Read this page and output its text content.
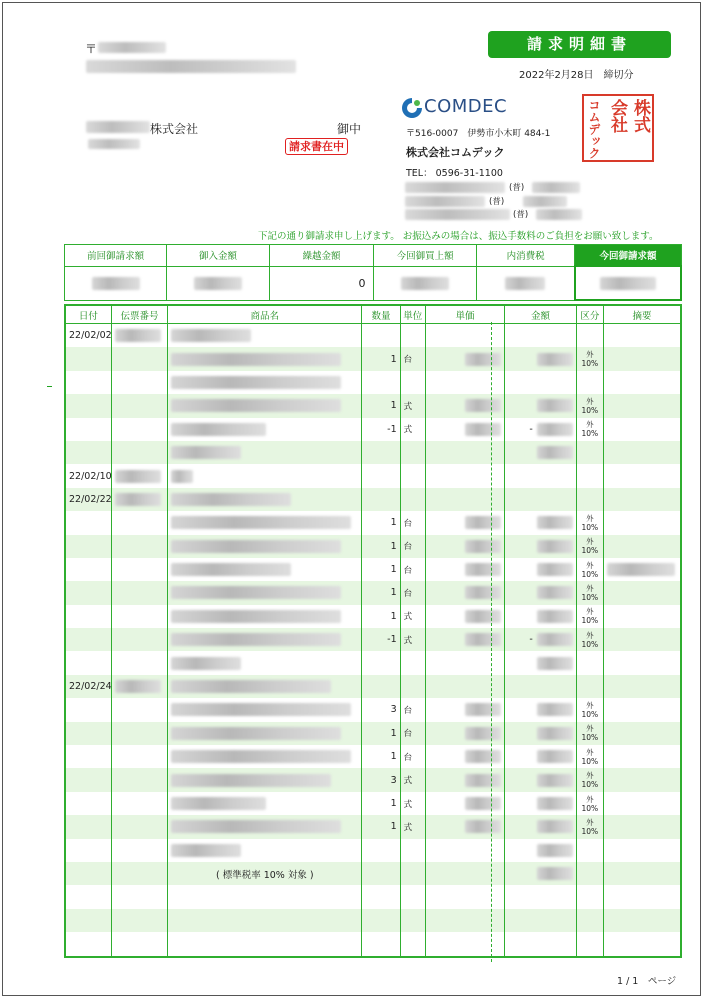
〒
株式会社	御中
請求書在中
請求明細書
2022年2月28日　締切分
COMDEC
〒516-0007　伊勢市小木町 484-1
株式会社コムデック
TEL： 0596-31-1100
(普)
(普)
(普)
株式
会社
コムデック
下記の通り御請求申し上げます。 お振込みの場合は、振込手数料のご負担をお願い致します。
前回御請求額	御入金額	繰越金額	今回御買上額	内消費税	今回御請求額
		0			
日付	伝票番号	商品名	数量	単位	単価	金額	区分	摘要
22/02/02								
			1	台			外
10%	

			1	式			外
10%	
			-1	式		-	外
10%	

22/02/10								
22/02/22								
			1	台			外
10%	
			1	台			外
10%	
			1	台			外
10%	
			1	台			外
10%	
			1	式			外
10%	
			-1	式		-	外
10%	

22/02/24								
			3	台			外
10%	
			1	台			外
10%	
			1	台			外
10%	
			3	式			外
10%	
			1	式			外
10%	
			1	式			外
10%	

		( 標準税率 10% 対象 )						

1 / 1　ページ
